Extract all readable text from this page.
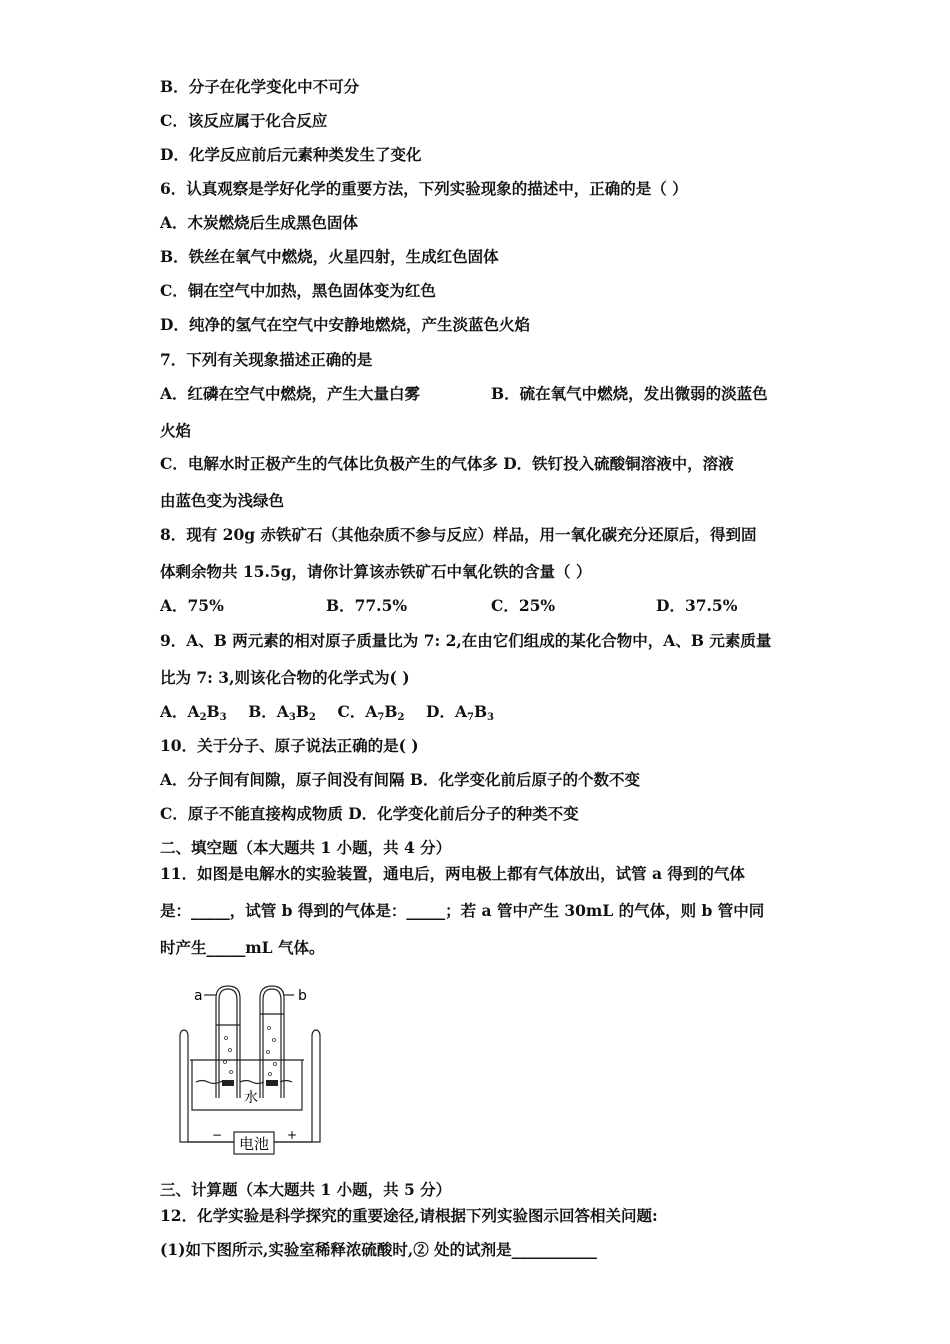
B．分子在化学变化中不可分
C．该反应属于化合反应
D．化学反应前后元素种类发生了变化
6．认真观察是学好化学的重要方法，下列实验现象的描述中，正确的是（ ）
A．木炭燃烧后生成黑色固体
B．铁丝在氧气中燃烧，火星四射，生成红色固体
C．铜在空气中加热，黑色固体变为红色
D．纯净的氢气在空气中安静地燃烧，产生淡蓝色火焰
7．下列有关现象描述正确的是
A．红磷在空气中燃烧，产生大量白雾	B．硫在氧气中燃烧，发出微弱的淡蓝色
火焰
C．电解水时正极产生的气体比负极产生的气体多 D．铁钉投入硫酸铜溶液中，溶液
由蓝色变为浅绿色
8．现有 20g 赤铁矿石（其他杂质不参与反应）样品，用一氧化碳充分还原后，得到固
体剩余物共 15.5g，请你计算该赤铁矿石中氧化铁的含量（ ）
A．75%	B．77.5%	C．25%	D．37.5%
9．A、B 两元素的相对原子质量比为 7: 2,在由它们组成的某化合物中，A、B 元素质量
比为 7: 3,则该化合物的化学式为( )
A．$A_2B_3$ B．$A_3B_2$ C．$A_7B_2$ D．$A_7B_3$
10．关于分子、原子说法正确的是( )
A．分子间有间隙，原子间没有间隔 B．化学变化前后原子的个数不变
C．原子不能直接构成物质 D．化学变化前后分子的种类不变
二、填空题（本大题共 1 小题，共 4 分）
11．如图是电解水的实验装置，通电后，两电极上都有气体放出，试管 a 得到的气体
是：_____，试管 b 得到的气体是：_____；若 a 管中产生 30mL 的气体，则 b 管中同
时产生_____mL 气体。
a	b
水
电池
−	+
三、计算题（本大题共 1 小题，共 5 分）
12．化学实验是科学探究的重要途径,请根据下列实验图示回答相关问题:
(1)如下图所示,实验室稀释浓硫酸时,② 处的试剂是___________
